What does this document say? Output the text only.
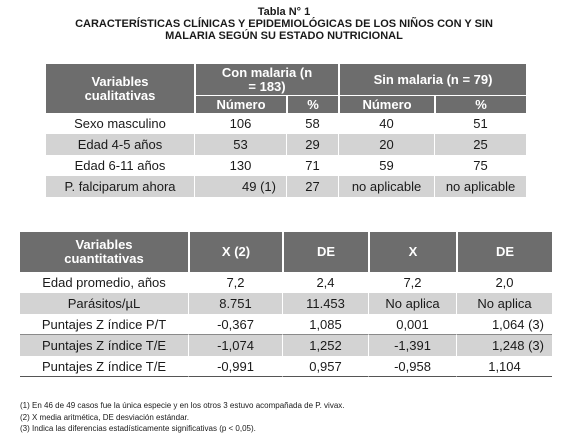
Tabla N° 1
CARACTERÍSTICAS CLÍNICAS Y EPIDEMIOLÓGICAS DE LOS NIÑOS CON Y SIN
MALARIA SEGÚN SU ESTADO NUTRICIONAL
Variables cualitativas	Con malaria (n = 183)		Sin malaria (n = 79)	
	Número	%	Número	%
Sexo masculino	106	58	40	51
Edad 4-5 años	53	29	20	25
Edad 6-11 años	130	71	59	75
P. falciparum ahora	49 (1)	27	no aplicable	no aplicable
Variables cuantitativas	X (2)	DE	X	DE
Edad promedio, años	7,2	2,4	7,2	2,0
Parásitos/µL	8.751	11.453	No aplica	No aplica
Puntajes Z índice P/T	-0,367	1,085	0,001	1,064 (3)
Puntajes Z índice T/E	-1,074	1,252	-1,391	1,248 (3)
Puntajes Z índice T/E	-0,991	0,957	-0,958	1,104
(1) En 46 de 49 casos fue la única especie y en los otros 3 estuvo acompañada de P. vivax.
(2) X media aritmética, DE desviación estándar.
(3) Indica las diferencias estadísticamente significativas (p < 0,05).
